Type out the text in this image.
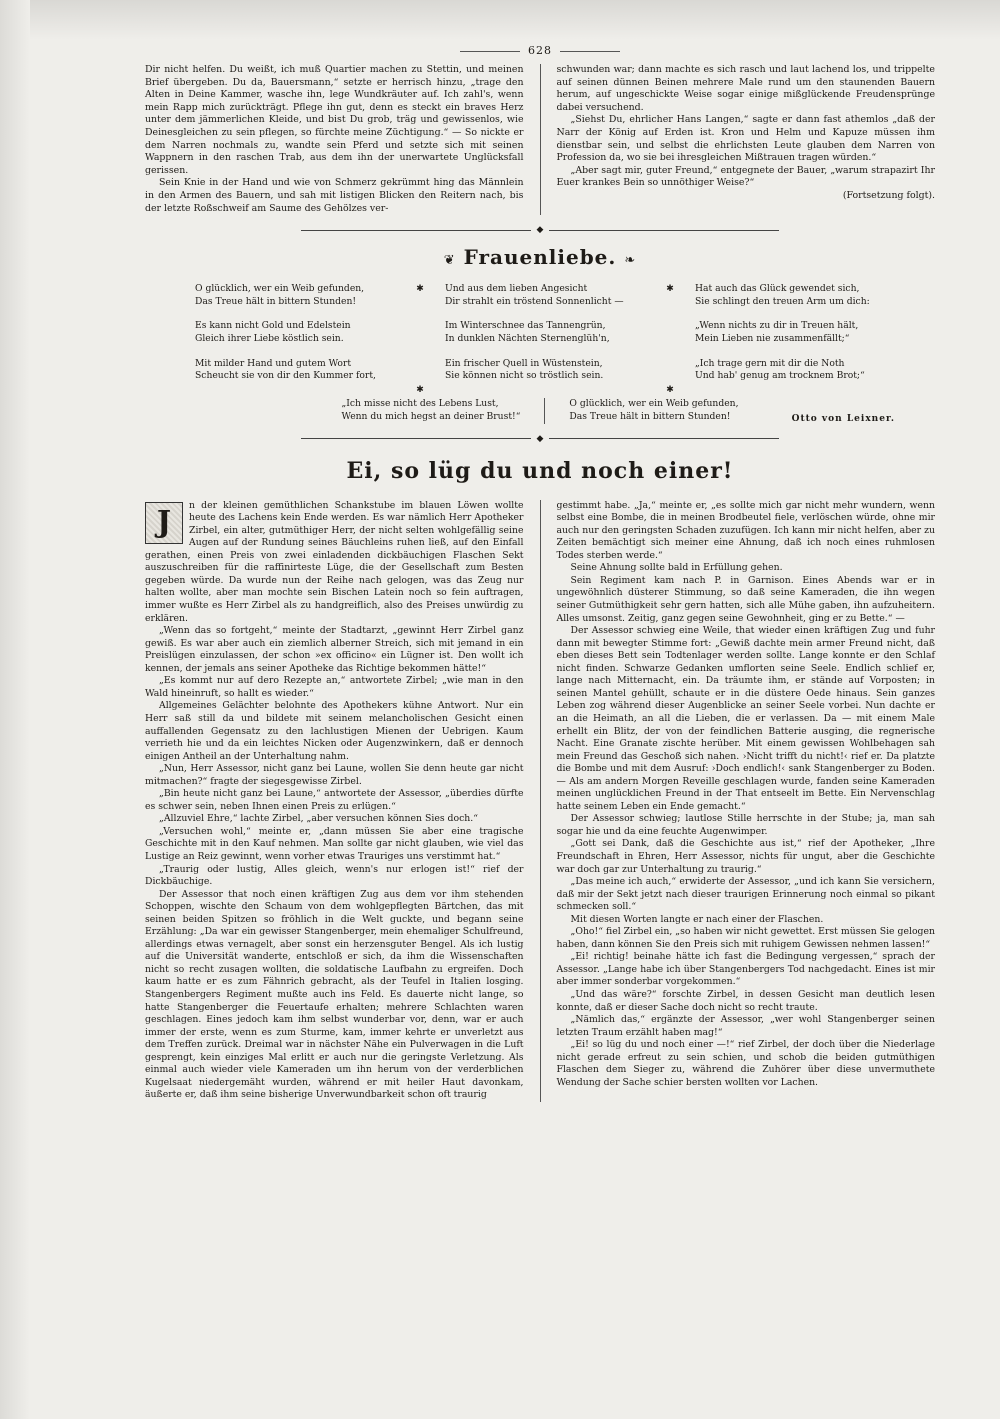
628

Dir nicht helfen. Du weißt, ich muß Quartier machen zu Stettin, und meinen Brief übergeben. Du da, Bauersmann,“ setzte er herrisch hinzu, „trage den Alten in Deine Kammer, wasche ihn, lege Wundkräuter auf. Ich zahl's, wenn mein Rapp mich zurückträgt. Pflege ihn gut, denn es steckt ein braves Herz unter dem jämmerlichen Kleide, und bist Du grob, träg und gewissenlos, wie Deinesgleichen zu sein pflegen, so fürchte meine Züchtigung.“ — So nickte er dem Narren nochmals zu, wandte sein Pferd und setzte sich mit seinen Wappnern in den raschen Trab, aus dem ihn der unerwartete Unglücksfall gerissen.

Sein Knie in der Hand und wie von Schmerz gekrümmt hing das Männlein in den Armen des Bauern, und sah mit listigen Blicken den Reitern nach, bis der letzte Roßschweif am Saume des Gehölzes ver-

schwunden war; dann machte es sich rasch und laut lachend los, und trippelte auf seinen dünnen Beinen mehrere Male rund um den staunenden Bauern herum, auf ungeschickte Weise sogar einige mißglückende Freudensprünge dabei versuchend.

„Siehst Du, ehrlicher Hans Langen,“ sagte er dann fast athemlos „daß der Narr der König auf Erden ist. Kron und Helm und Kapuze müssen ihm dienstbar sein, und selbst die ehrlichsten Leute glauben dem Narren von Profession da, wo sie bei ihresgleichen Mißtrauen tragen würden.“

„Aber sagt mir, guter Freund,“ entgegnete der Bauer, „warum strapazirt Ihr Euer krankes Bein so unnöthiger Weise?“

(Fortsetzung folgt).
◆
❦ Frauenliebe. ❧
O glücklich, wer ein Weib gefunden,
Das Treue hält in bittern Stunden!
Es kann nicht Gold und Edelstein
Gleich ihrer Liebe köstlich sein.
Mit milder Hand und gutem Wort
Scheucht sie von dir den Kummer fort,
✱

✱
Und aus dem lieben Angesicht
Dir strahlt ein tröstend Sonnenlicht —
Im Winterschnee das Tannengrün,
In dunklen Nächten Sternenglüh'n,
Ein frischer Quell in Wüstenstein,
Sie können nicht so tröstlich sein.
✱

✱
Hat auch das Glück gewendet sich,
Sie schlingt den treuen Arm um dich:
„Wenn nichts zu dir in Treuen hält,
Mein Lieben nie zusammenfällt;“
„Ich trage gern mit dir die Noth
Und hab' genug am trocknem Brot;“
„Ich misse nicht des Lebens Lust,
Wenn du mich hegst an deiner Brust!“
O glücklich, wer ein Weib gefunden,
Das Treue hält in bittern Stunden!	Otto von Leixner.
◆
Ei, so lüg du und noch einer!
J	n der kleinen gemüthlichen Schankstube im blauen Löwen wollte heute des Lachens kein Ende werden. Es war nämlich Herr Apotheker Zirbel, ein alter, gutmüthiger Herr, der nicht selten wohlgefällig seine Augen auf der Rundung seines Bäuchleins ruhen ließ, auf den Einfall gerathen, einen Preis von zwei einladenden dickbäuchigen Flaschen Sekt auszuschreiben für die raffinirteste Lüge, die der Gesellschaft zum Besten gegeben würde. Da wurde nun der Reihe nach gelogen, was das Zeug nur halten wollte, aber man mochte sein Bischen Latein noch so fein auftragen, immer wußte es Herr Zirbel als zu handgreiflich, also des Preises unwürdig zu erklären.

„Wenn das so fortgeht,“ meinte der Stadtarzt, „gewinnt Herr Zirbel ganz gewiß. Es war aber auch ein ziemlich alberner Streich, sich mit jemand in ein Preislügen einzulassen, der schon »ex officino« ein Lügner ist. Den wollt ich kennen, der jemals ans seiner Apotheke das Richtige bekommen hätte!“

„Es kommt nur auf dero Rezepte an,“ antwortete Zirbel; „wie man in den Wald hineinruft, so hallt es wieder.“

Allgemeines Gelächter belohnte des Apothekers kühne Antwort. Nur ein Herr saß still da und bildete mit seinem melancholischen Gesicht einen auffallenden Gegensatz zu den lachlustigen Mienen der Uebrigen. Kaum verrieth hie und da ein leichtes Nicken oder Augenzwinkern, daß er dennoch einigen Antheil an der Unterhaltung nahm.

„Nun, Herr Assessor, nicht ganz bei Laune, wollen Sie denn heute gar nicht mitmachen?“ fragte der siegesgewisse Zirbel.

„Bin heute nicht ganz bei Laune,“ antwortete der Assessor, „überdies dürfte es schwer sein, neben Ihnen einen Preis zu erlügen.“

„Allzuviel Ehre,“ lachte Zirbel, „aber versuchen können Sies doch.“

„Versuchen wohl,“ meinte er, „dann müssen Sie aber eine tragische Geschichte mit in den Kauf nehmen. Man sollte gar nicht glauben, wie viel das Lustige an Reiz gewinnt, wenn vorher etwas Trauriges uns verstimmt hat.“

„Traurig oder lustig, Alles gleich, wenn's nur erlogen ist!“ rief der Dickbäuchige.

Der Assessor that noch einen kräftigen Zug aus dem vor ihm stehenden Schoppen, wischte den Schaum von dem wohlgepflegten Bärtchen, das mit seinen beiden Spitzen so fröhlich in die Welt guckte, und begann seine Erzählung: „Da war ein gewisser Stangenberger, mein ehemaliger Schulfreund, allerdings etwas vernagelt, aber sonst ein herzensguter Bengel. Als ich lustig auf die Universität wanderte, entschloß er sich, da ihm die Wissenschaften nicht so recht zusagen wollten, die soldatische Laufbahn zu ergreifen. Doch kaum hatte er es zum Fähnrich gebracht, als der Teufel in Italien losging. Stangenbergers Regiment mußte auch ins Feld. Es dauerte nicht lange, so hatte Stangenberger die Feuertaufe erhalten; mehrere Schlachten waren geschlagen. Eines jedoch kam ihm selbst wunderbar vor, denn, war er auch immer der erste, wenn es zum Sturme, kam, immer kehrte er unverletzt aus dem Treffen zurück. Dreimal war in nächster Nähe ein Pulverwagen in die Luft gesprengt, kein einziges Mal erlitt er auch nur die geringste Verletzung. Als einmal auch wieder viele Kameraden um ihn herum von der verderblichen Kugelsaat niedergemäht wurden, während er mit heiler Haut davonkam, äußerte er, daß ihm seine bisherige Unverwundbarkeit schon oft traurig

gestimmt habe. „Ja,“ meinte er, „es sollte mich gar nicht mehr wundern, wenn selbst eine Bombe, die in meinen Brodbeutel fiele, verlöschen würde, ohne mir auch nur den geringsten Schaden zuzufügen. Ich kann mir nicht helfen, aber zu Zeiten bemächtigt sich meiner eine Ahnung, daß ich noch eines ruhmlosen Todes sterben werde.“

Seine Ahnung sollte bald in Erfüllung gehen.

Sein Regiment kam nach P. in Garnison. Eines Abends war er in ungewöhnlich düsterer Stimmung, so daß seine Kameraden, die ihn wegen seiner Gutmüthigkeit sehr gern hatten, sich alle Mühe gaben, ihn aufzuheitern. Alles umsonst. Zeitig, ganz gegen seine Gewohnheit, ging er zu Bette.“ —

Der Assessor schwieg eine Weile, that wieder einen kräftigen Zug und fuhr dann mit bewegter Stimme fort: „Gewiß dachte mein armer Freund nicht, daß eben dieses Bett sein Todtenlager werden sollte. Lange konnte er den Schlaf nicht finden. Schwarze Gedanken umflorten seine Seele. Endlich schlief er, lange nach Mitternacht, ein. Da träumte ihm, er stände auf Vorposten; in seinen Mantel gehüllt, schaute er in die düstere Oede hinaus. Sein ganzes Leben zog während dieser Augenblicke an seiner Seele vorbei. Nun dachte er an die Heimath, an all die Lieben, die er verlassen. Da — mit einem Male erhellt ein Blitz, der von der feindlichen Batterie ausging, die regnerische Nacht. Eine Granate zischte herüber. Mit einem gewissen Wohlbehagen sah mein Freund das Geschoß sich nahen. ›Nicht trifft du nicht!‹ rief er. Da platzte die Bombe und mit dem Ausruf: ›Doch endlich!‹ sank Stangenberger zu Boden. — Als am andern Morgen Reveille geschlagen wurde, fanden seine Kameraden meinen unglücklichen Freund in der That entseelt im Bette. Ein Nervenschlag hatte seinem Leben ein Ende gemacht.“

Der Assessor schwieg; lautlose Stille herrschte in der Stube; ja, man sah sogar hie und da eine feuchte Augenwimper.

„Gott sei Dank, daß die Geschichte aus ist,“ rief der Apotheker, „Ihre Freundschaft in Ehren, Herr Assessor, nichts für ungut, aber die Geschichte war doch gar zur Unterhaltung zu traurig.“

„Das meine ich auch,“ erwiderte der Assessor, „und ich kann Sie versichern, daß mir der Sekt jetzt nach dieser traurigen Erinnerung noch einmal so pikant schmecken soll.“

Mit diesen Worten langte er nach einer der Flaschen.

„Oho!“ fiel Zirbel ein, „so haben wir nicht gewettet. Erst müssen Sie gelogen haben, dann können Sie den Preis sich mit ruhigem Gewissen nehmen lassen!“

„Ei! richtig! beinahe hätte ich fast die Bedingung vergessen,“ sprach der Assessor. „Lange habe ich über Stangenbergers Tod nachgedacht. Eines ist mir aber immer sonderbar vorgekommen.“

„Und das wäre?“ forschte Zirbel, in dessen Gesicht man deutlich lesen konnte, daß er dieser Sache doch nicht so recht traute.

„Nämlich das,“ ergänzte der Assessor, „wer wohl Stangenberger seinen letzten Traum erzählt haben mag!“

„Ei! so lüg du und noch einer —!“ rief Zirbel, der doch über die Niederlage nicht gerade erfreut zu sein schien, und schob die beiden gutmüthigen Flaschen dem Sieger zu, während die Zuhörer über diese unvermuthete Wendung der Sache schier bersten wollten vor Lachen.
